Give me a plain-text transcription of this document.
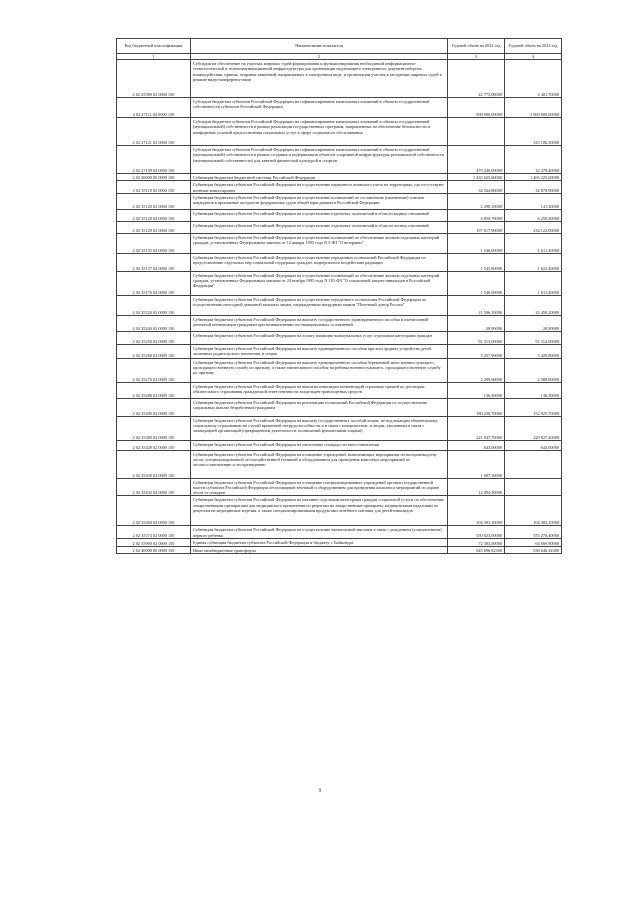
Код бюджетной классификации	Наименование показателя	Годовой объем на 2022 год	Годовой объем на 2023 год
1	2	3	4
2 02 25589 02 0000 150	Субсидии на обеспечение на участках мировых судей формирования и функционирования необходимой информационно-технологической и телекоммуникационной инфраструктуры для организации надлежащего электронного документооборота, взаимодействия, приема, отправки заявлений, направляемых в электронном виде, и организации участия в заседаниях мировых судей в режиме видео-конференц-связи	22 775,00000	4 401,70000
2 02 27111 02 0000 150	Субсидии бюджетам субъектов Российской Федерации на софинансирование капитальных вложений в объекты государственной собственности субъектов Российской Федерации	900 000,00000	3 900 000,00000
2 02 27121 02 0000 150	Субсидии бюджетам субъектов Российской Федерации на софинансирование капитальных вложений в объекты государственной (муниципальной) собственности в рамках реализации государственных программ, направленных на обеспечение безопасности и комфортных условий предоставления социальных услуг в сфере социального обслуживания		323 106,50000
2 02 27139 02 0000 150	Субсидии бюджетам субъектов Российской Федерации на софинансирование капитальных вложений в объекты государственной (муниципальной) собственности в рамках создания и модернизации объектов спортивной инфраструктуры региональной собственности (муниципальной собственности) для занятий физической культурой и спортом	479 240,00000	32 378,40000
2 02 30000 00 0000 150	Субвенции бюджетам бюджетной системы Российской Федерации	1 435 625,60000	1 465 225,60000
2 02 35118 02 0000 150	Субвенции бюджетам субъектов Российской Федерации на осуществление первичного воинского учета на территориях, где отсутствуют военные комиссариаты	34 524,80000	34 878,90000
2 02 35120 02 0000 150	Субвенции бюджетам субъектов Российской Федерации на осуществление полномочий по составлению (изменению) списков кандидатов в присяжные заседатели федеральных судов общей юрисдикции в Российской Федерации	2 298,10000	141,30000
2 02 35128 02 0000 150	Субвенции бюджетам субъектов Российской Федерации на осуществление отдельных полномочий в области водных отношений	6 850,70000	6 258,30000
2 02 35129 02 0000 150	Субвенции бюджетам субъектов Российской Федерации на осуществление отдельных полномочий в области лесных отношений	197 617,90000	234 122,00000
2 02 35135 02 0000 150	Субвенции бюджетам субъектов Российской Федерации на осуществление полномочий по обеспечению жильем отдельных категорий граждан, установленных Федеральным законом от 12 января 1995 года N 5-ФЗ "О ветеранах"	1 546,00000	1 611,40000
2 02 35137 02 0000 150	Субвенции бюджетам субъектов Российской Федерации на осуществление переданных полномочий Российской Федерации по предоставлению отдельных мер социальной поддержки граждан, подвергшихся воздействию радиации	1 543,80000	1 623,40000
2 02 35176 02 0000 150	Субвенции бюджетам субъектов Российской Федерации на осуществление полномочий по обеспечению жильем отдельных категорий граждан, установленных Федеральным законом от 24 ноября 1995 года N 181-ФЗ "О социальной защите инвалидов в Российской Федерации"	1 546,00000	1 611,40000
2 02 35220 02 0000 150	Субвенции бюджетам субъектов Российской Федерации на осуществление переданного полномочия Российской Федерации по осуществлению ежегодной денежной выплаты лицам, награжденным нагрудным знаком "Почетный донор России"	21 596,10000	22 459,20000
2 02 35240 02 0000 150	Субвенции бюджетам субъектов Российской Федерации на выплату государственного единовременного пособия и ежемесячной денежной компенсации гражданам при возникновении поствакцинальных осложнений	28,90000	28,90000
2 02 35250 02 0000 150	Субвенции бюджетам субъектов Российской Федерации на оплату жилищно-коммунальных услуг отдельным категориям граждан	91 313,00000	91 312,00000
2 02 35260 02 0000 150	Субвенции бюджетам субъектов Российской Федерации на выплату единовременного пособия при всех формах устройства детей, лишенных родительского попечения, в семью	5 257,90000	5 429,80000
2 02 35270 02 0000 150	Субвенции бюджетам субъектов Российской Федерации на выплату единовременного пособия беременной жене военнослужащего, проходящего военную службу по призыву, а также ежемесячного пособия на ребенка военнослужащего, проходящего военную службу по призыву	2 299,60000	2 388,90000
2 02 35280 02 0000 150	Субвенции бюджетам субъектов Российской Федерации на выплаты инвалидам компенсаций страховых премий по договорам обязательного страхования гражданской ответственности владельцев транспортных средств	136,30000	136,30000
2 02 35290 02 0000 150	Субвенции бюджетам субъектов Российской Федерации на реализацию полномочий Российской Федерации по осуществлению социальных выплат безработным гражданам	180 230,70000	152 925,70000
2 02 35380 02 0000 150	Субвенции бюджетам субъектов Российской Федерации на выплату государственных пособий лицам, не подлежащим обязательному социальному страхованию на случай временной нетрудоспособности и в связи с материнством, и лицам, уволенным в связи с ликвидацией организаций (прекращением деятельности, полномочий физическими лицами)	221 947,70000	229 827,20000
2 02 35429 02 0000 150	Субвенции бюджетам субъектов Российской Федерации на увеличение площади лесовосстановления	643,00000	643,00000
2 02 35430 02 0000 150	Субвенции бюджетам субъектов Российской Федерации на оснащение учреждений, выполняющих мероприятия по воспроизводству лесов, специализированной лесохозяйственной техникой и оборудованием для проведения комплекса мероприятий по лесовосстановлению и лесоразведению	1 607,50000	
2 02 35432 02 0000 150	Субвенции бюджетам субъектов Российской Федерации на оснащение специализированных учреждений органов государственной власти субъектов Российской Федерации лесопожарной техникой и оборудованием для проведения комплекса мероприятий по охране лесов от пожаров	12 494,30000	
2 02 35460 02 0000 150	Субвенции бюджетам субъектов Российской Федерации на оказание отдельным категориям граждан социальной услуги по обеспечению лекарственными препаратами для медицинского применения по рецептам на лекарственные препараты, медицинскими изделиями по рецептам на медицинские изделия, а также специализированными продуктами лечебного питания для детей-инвалидов	104 383,10000	104 383,10000
2 02 35573 02 0000 150	Субвенции бюджетам субъектов Российской Федерации на осуществление ежемесячной выплаты в связи с рождением (усыновлением) первого ребенка	550 623,00000	555 278,40000
2 02 35900 02 0000 150	Единая субвенция бюджетам субъектов Российской Федерации и бюджету г. Байконура	72 383,50000	64 569,90000
2 02 40000 00 0000 150	Иные межбюджетные трансферты	645 696,82300	538 646,34300
9
